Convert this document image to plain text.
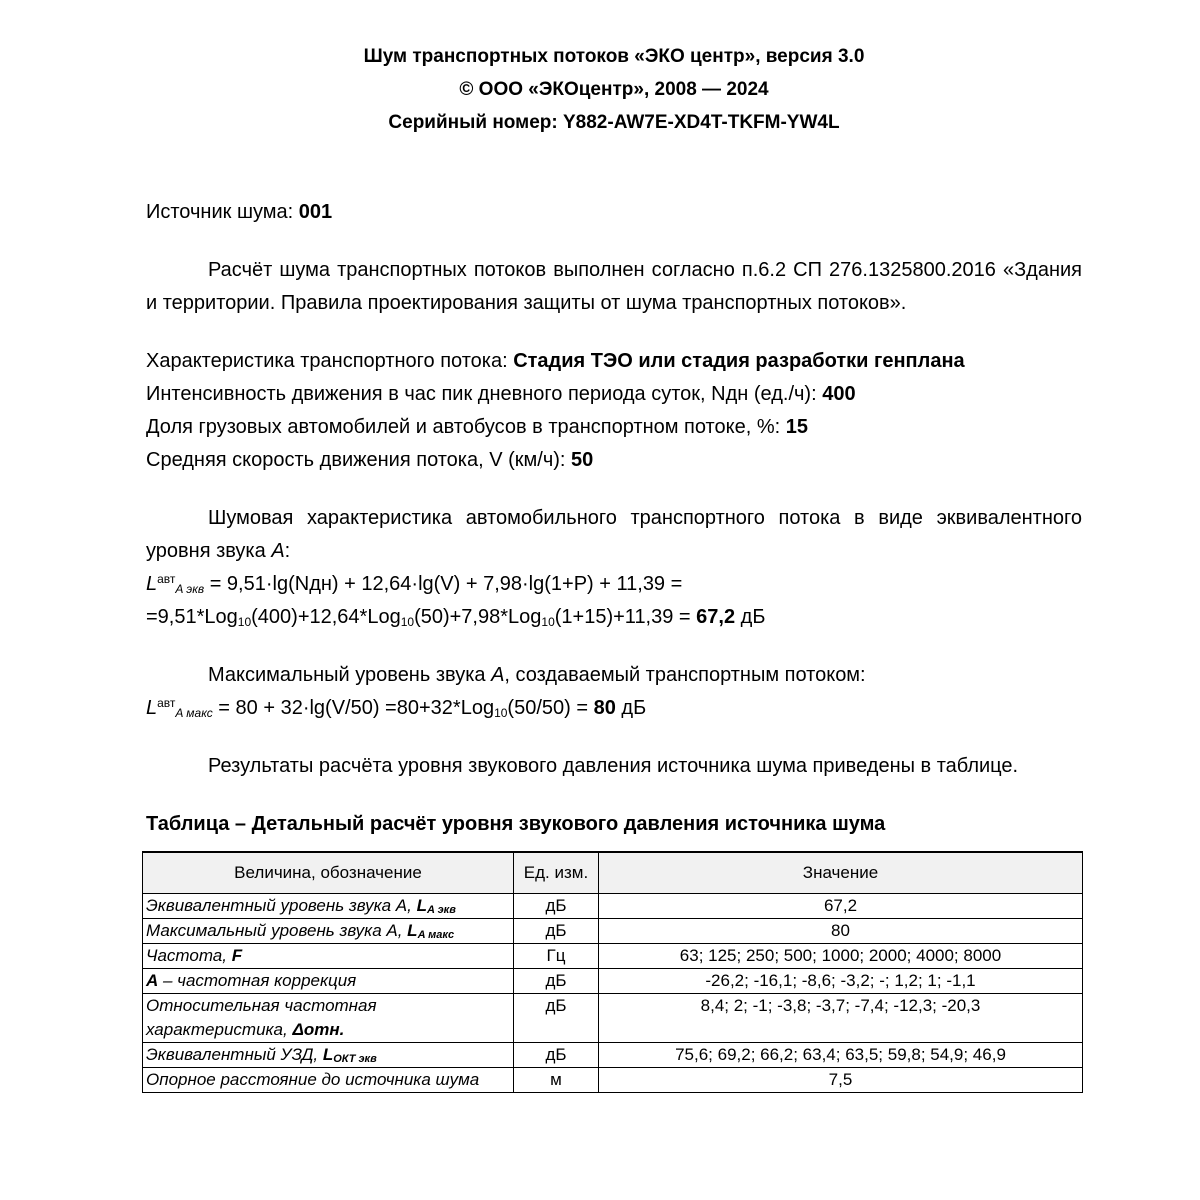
Шум транспортных потоков «ЭКО центр», версия 3.0
© ООО «ЭКОцентр», 2008 — 2024
Серийный номер: Y882-AW7E-XD4T-TKFM-YW4L
Источник шума: 001
Расчёт шума транспортных потоков выполнен согласно п.6.2 СП 276.1325800.2016 «Здания и территории. Правила проектирования защиты от шума транспортных потоков».
Характеристика транспортного потока: Стадия ТЭО или стадия разработки генплана
Интенсивность движения в час пик дневного периода суток, Nдн (ед./ч): 400
Доля грузовых автомобилей и автобусов в транспортном потоке, %: 15
Средняя скорость движения потока, V (км/ч): 50
Шумовая характеристика автомобильного транспортного потока в виде эквивалентного уровня звука A:
$L^{авт}_{A экв} = 9,51\cdot\lg(Nдн) + 12,64\cdot\lg(V) + 7,98\cdot\lg(1+P) + 11,39$ =
=9,51*Log$_{10}$(400)+12,64*Log$_{10}$(50)+7,98*Log$_{10}$(1+15)+11,39 = 67,2 дБ
Максимальный уровень звука A, создаваемый транспортным потоком:
$L^{авт}_{A макс} = 80 + 32\cdot\lg(V/50) =80+32*Log_{10}(50/50) = 80$ дБ
Результаты расчёта уровня звукового давления источника шума приведены в таблице.
Таблица – Детальный расчёт уровня звукового давления источника шума
Величина, обозначение	Ед. изм.	Значение
Эквивалентный уровень звука A, $L_{A экв}$	дБ	67,2
Максимальный уровень звука A, $L_{A макс}$	дБ	80
Частота, F	Гц	63; 125; 250; 500; 1000; 2000; 4000; 8000
A – частотная коррекция	дБ	-26,2; -16,1; -8,6; -3,2; -; 1,2; 1; -1,1
Относительная частотная характеристика, Δотн.	дБ	8,4; 2; -1; -3,8; -3,7; -7,4; -12,3; -20,3
Эквивалентный УЗД, $L_{ОКТ экв}$	дБ	75,6; 69,2; 66,2; 63,4; 63,5; 59,8; 54,9; 46,9
Опорное расстояние до источника шума	м	7,5
